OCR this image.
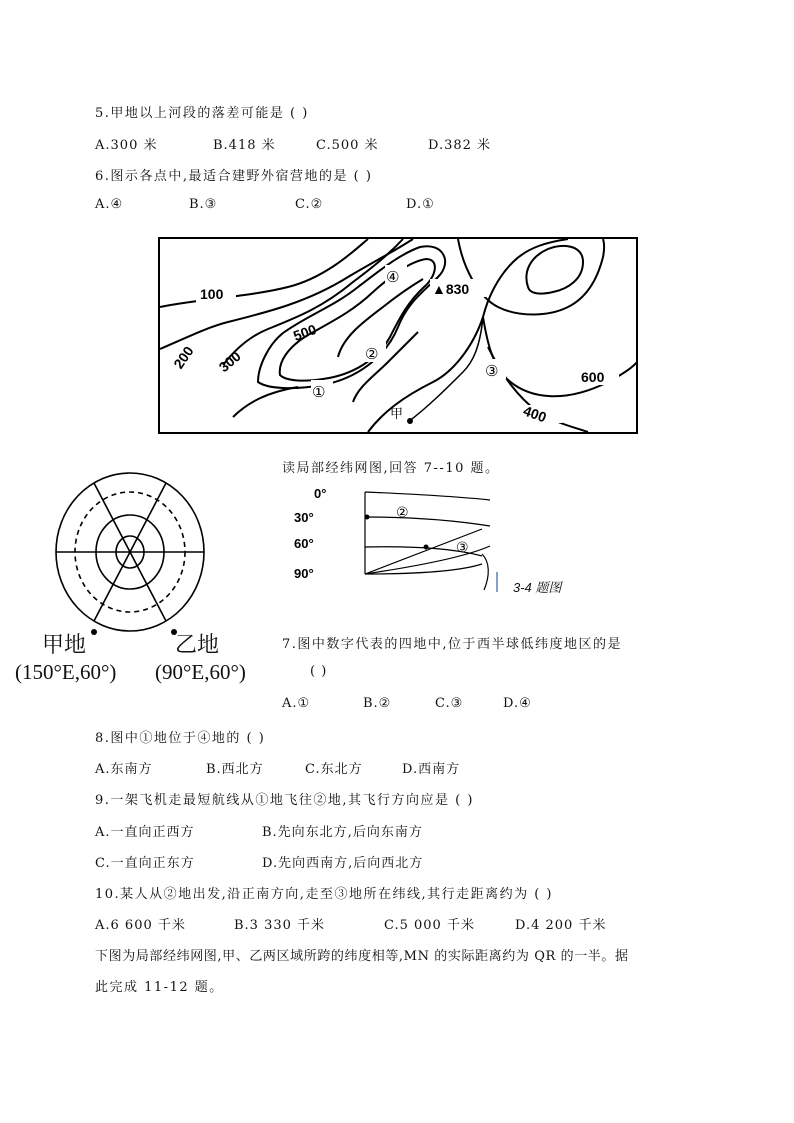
5.甲地以上河段的落差可能是 ( )
A.300 米	B.418 米	C.500 米	D.382 米
6.图示各点中,最适合建野外宿营地的是 ( )
A.④	B.③	C.②	D.①
100
200 300
500
600
400
▲830
④
②
①
③
甲
读局部经纬网图,回答 7--10 题。
甲地
(150°E,60°)
乙地
(90°E,60°)
0°
30°
60°
90°
②
③
3-4 题图
7.图中数字代表的四地中,位于西半球低纬度地区的是
( )
A.①	B.②	C.③	D.④
8.图中①地位于④地的 ( )
A.东南方	B.西北方	C.东北方	D.西南方
9.一架飞机走最短航线从①地飞往②地,其飞行方向应是 ( )
A.一直向正西方	B.先向东北方,后向东南方
C.一直向正东方	D.先向西南方,后向西北方
10.某人从②地出发,沿正南方向,走至③地所在纬线,其行走距离约为 ( )
A.6 600 千米	B.3 330 千米	C.5 000 千米	D.4 200 千米
下图为局部经纬网图,甲、乙两区域所跨的纬度相等,MN 的实际距离约为 QR 的一半。据
此完成 11-12 题。
